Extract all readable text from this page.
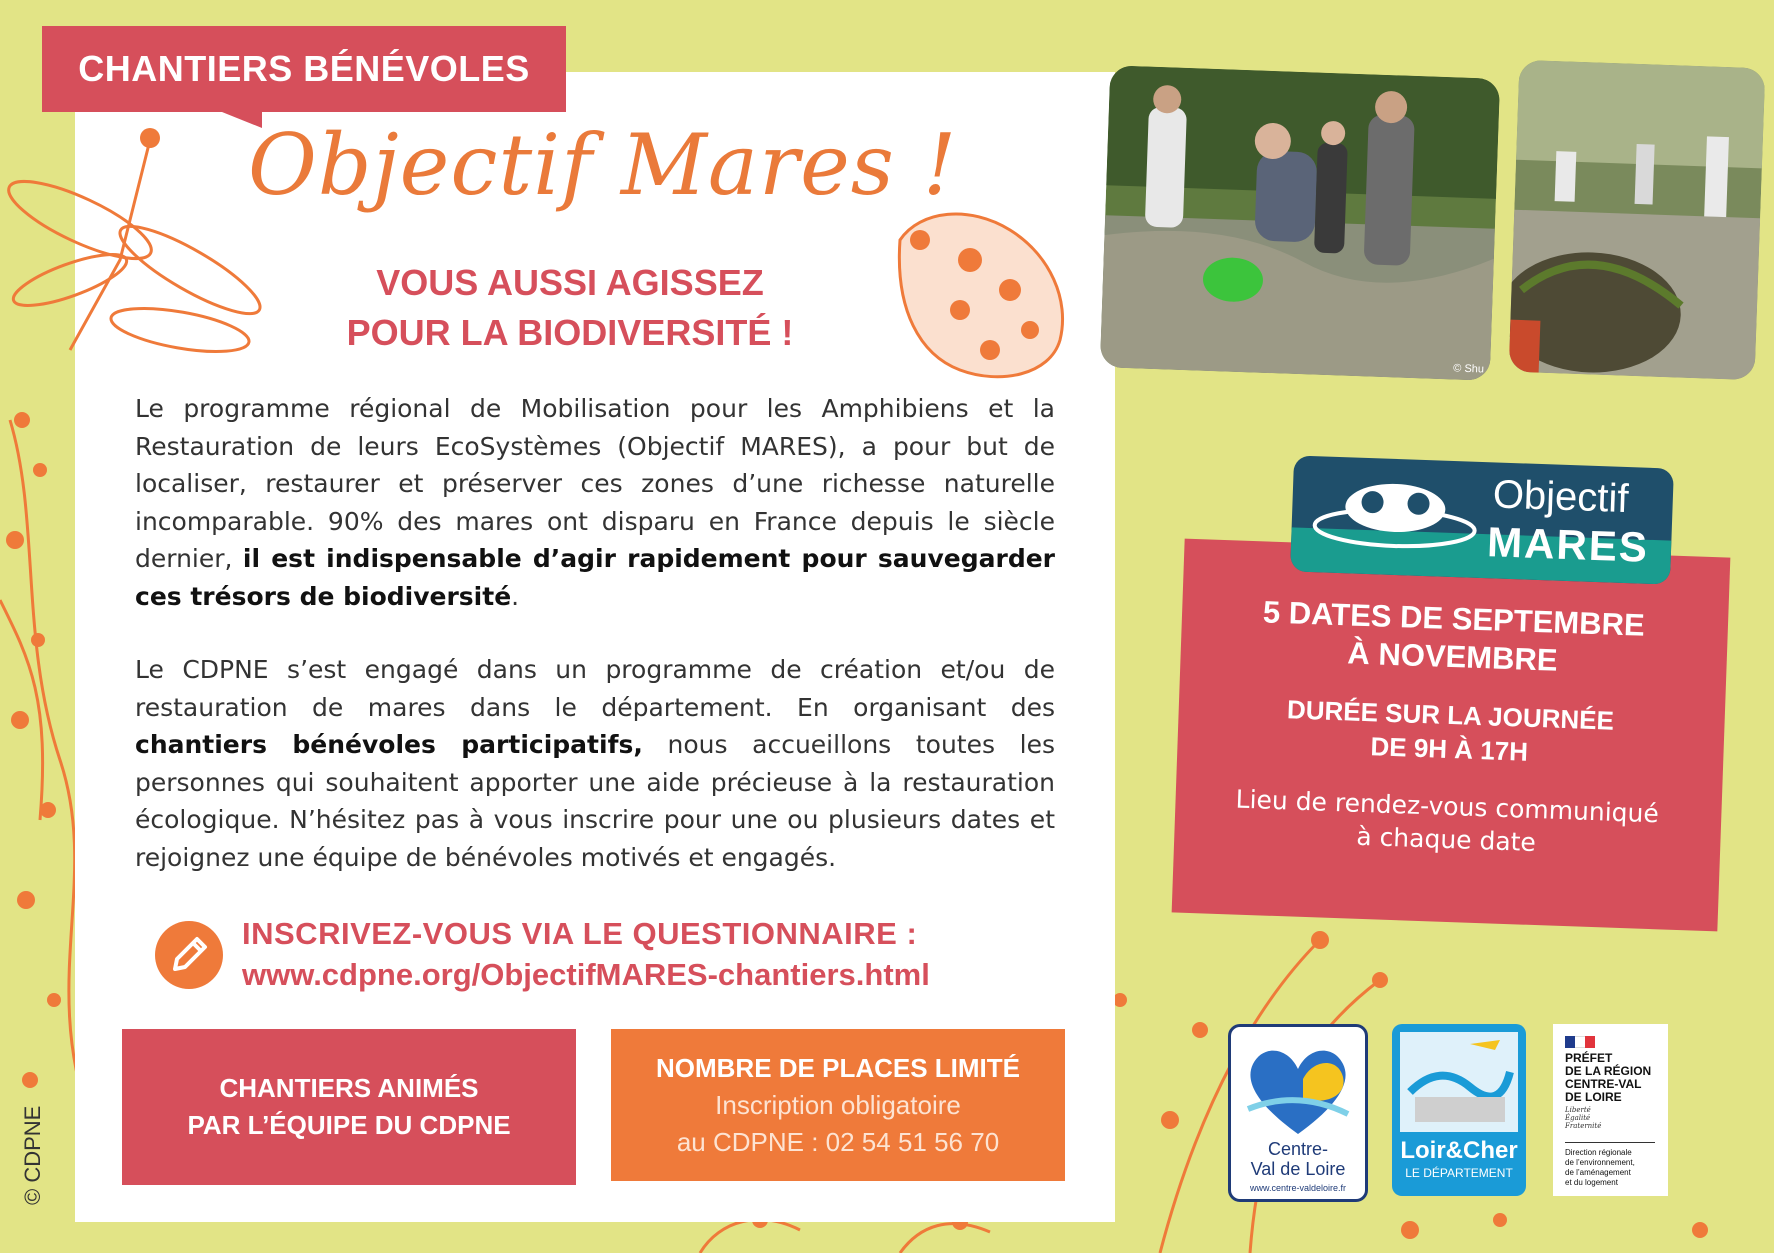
CHANTIERS BÉNÉVOLES
Objectif Mares !
VOUS AUSSI AGISSEZ
POUR LA BIODIVERSITÉ !
Le programme régional de Mobilisation pour les Amphibiens et la Restauration de leurs EcoSystèmes (Objectif MARES), a pour but de localiser, restaurer et préserver ces zones d’une richesse naturelle incomparable. 90% des mares ont disparu en France depuis le siècle dernier, il est indispensable d’agir rapidement pour sauvegarder ces trésors de biodiversité.
Le CDPNE s’est engagé dans un programme de création et/ou de restauration de mares dans le département. En organisant des chantiers bénévoles participatifs, nous accueillons toutes les personnes qui souhaitent apporter une aide précieuse à la restauration écologique. N’hésitez pas à vous inscrire pour une ou plusieurs dates et rejoignez une équipe de bénévoles motivés et engagés.
INSCRIVEZ-VOUS VIA LE QUESTIONNAIRE :
www.cdpne.org/ObjectifMARES-chantiers.html
CHANTIERS ANIMÉS
PAR L’ÉQUIPE DU CDPNE
NOMBRE DE PLACES LIMITÉ
Inscription obligatoire
au CDPNE : 02 54 51 56 70
© Shu
Objectif
MARES
5 DATES DE SEPTEMBRE
À NOVEMBRE
DURÉE SUR LA JOURNÉE
DE 9H À 17H
Lieu de rendez-vous communiqué
à chaque date
Centre-
Val de Loire
www.centre-valdeloire.fr
Loir&Cher
LE DÉPARTEMENT
PRÉFET
DE LA RÉGION
CENTRE-VAL
DE LOIRE
Liberté
Égalité
Fraternité
Direction régionale
de l’environnement,
de l’aménagement
et du logement
© CDPNE
